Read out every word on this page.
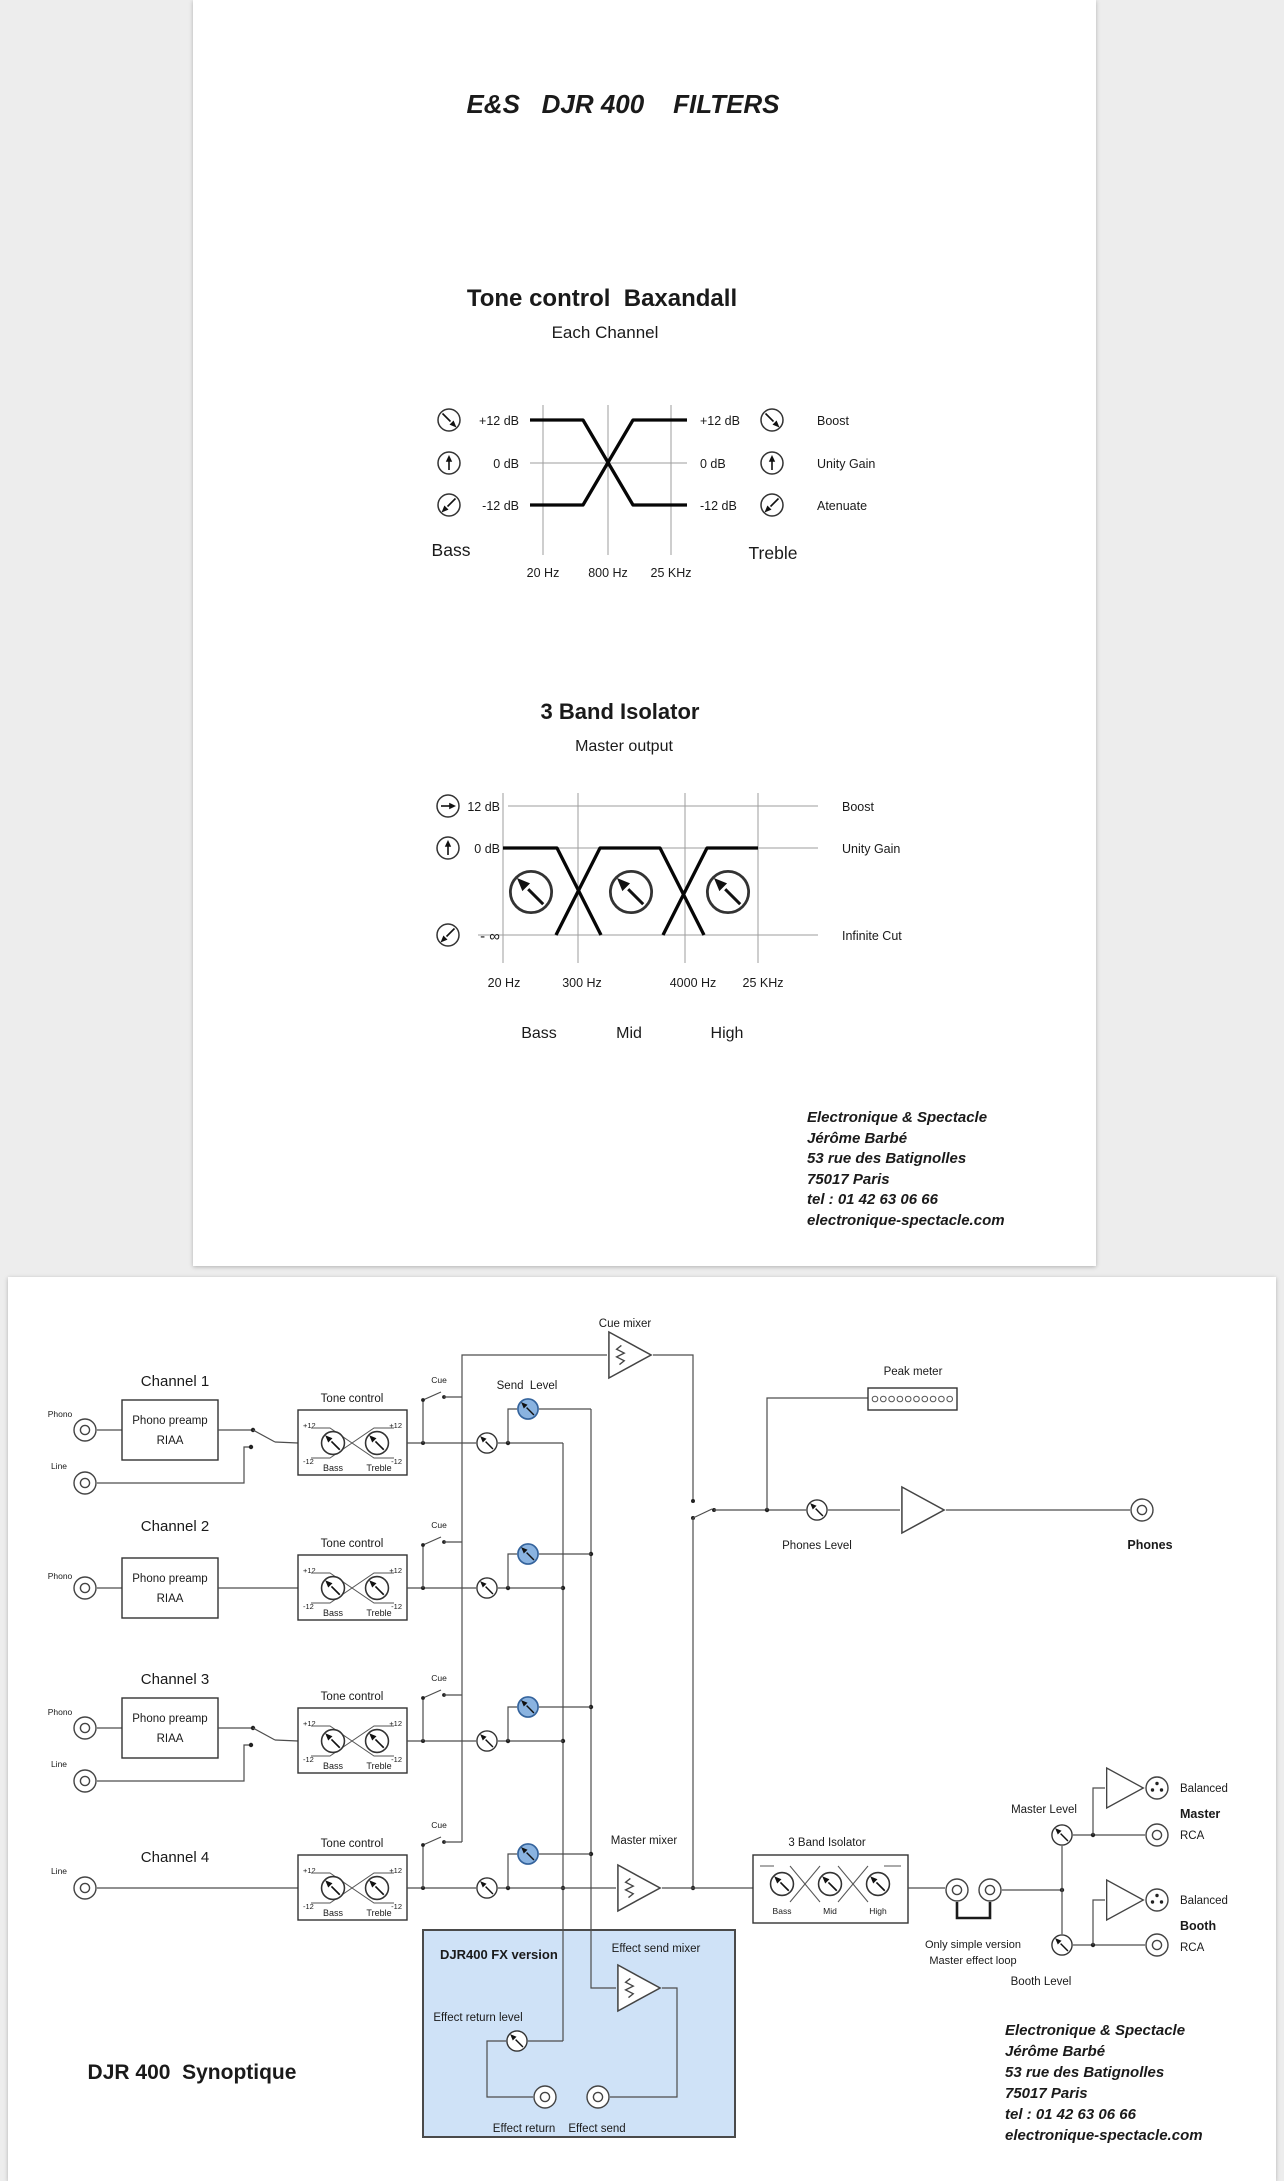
E&S   DJR 400    FILTERS
Tone control  Baxandall
Each Channel
+12 dB
0 dB
-12 dB
+12 dB
0 dB
-12 dB
Boost
Unity Gain
Atenuate
Bass	Treble
20 Hz 800 Hz 25 KHz
3 Band Isolator
Master output
12 dB
0 dB
- ∞
Boost
Unity Gain
Infinite Cut
20 Hz	300 Hz	4000 Hz 25 KHz
Bass	Mid	High
Electronique & Spectacle
Jérôme Barbé
53 rue des Batignolles
75017 Paris
tel : 01 42 63 06 66
electronique-spectacle.com
DJR400 FX version
Channel 1
Phono
Phono preamp
RIAA
Line
Tone control
+12	+12
-12	-12
Bass	Treble
Cue	Send  Level
Channel 2
Phono	Phono preamp
RIAA
Tone control
+12	+12
-12	-12
Bass	Treble
Cue
Channel 3
Phono
Phono preamp
RIAA
Line
Tone control
+12	+12
-12	-12
Bass	Treble
Cue
Channel 4
Line
Tone control
+12	+12
-12	-12
Bass	Treble
Cue
Cue mixer
Peak meter
Phones Level	Phones
Master mixer	3 Band Isolator
Bass	Mid	High
Only simple version
Master effect loop
Master Level
Balanced
Master
RCA
Booth Level
Balanced
Booth
RCA
Effect send mixer
Effect send
Effect return
Effect return level
DJR 400  Synoptique
Electronique & Spectacle
Jérôme Barbé
53 rue des Batignolles
75017 Paris
tel : 01 42 63 06 66
electronique-spectacle.com
